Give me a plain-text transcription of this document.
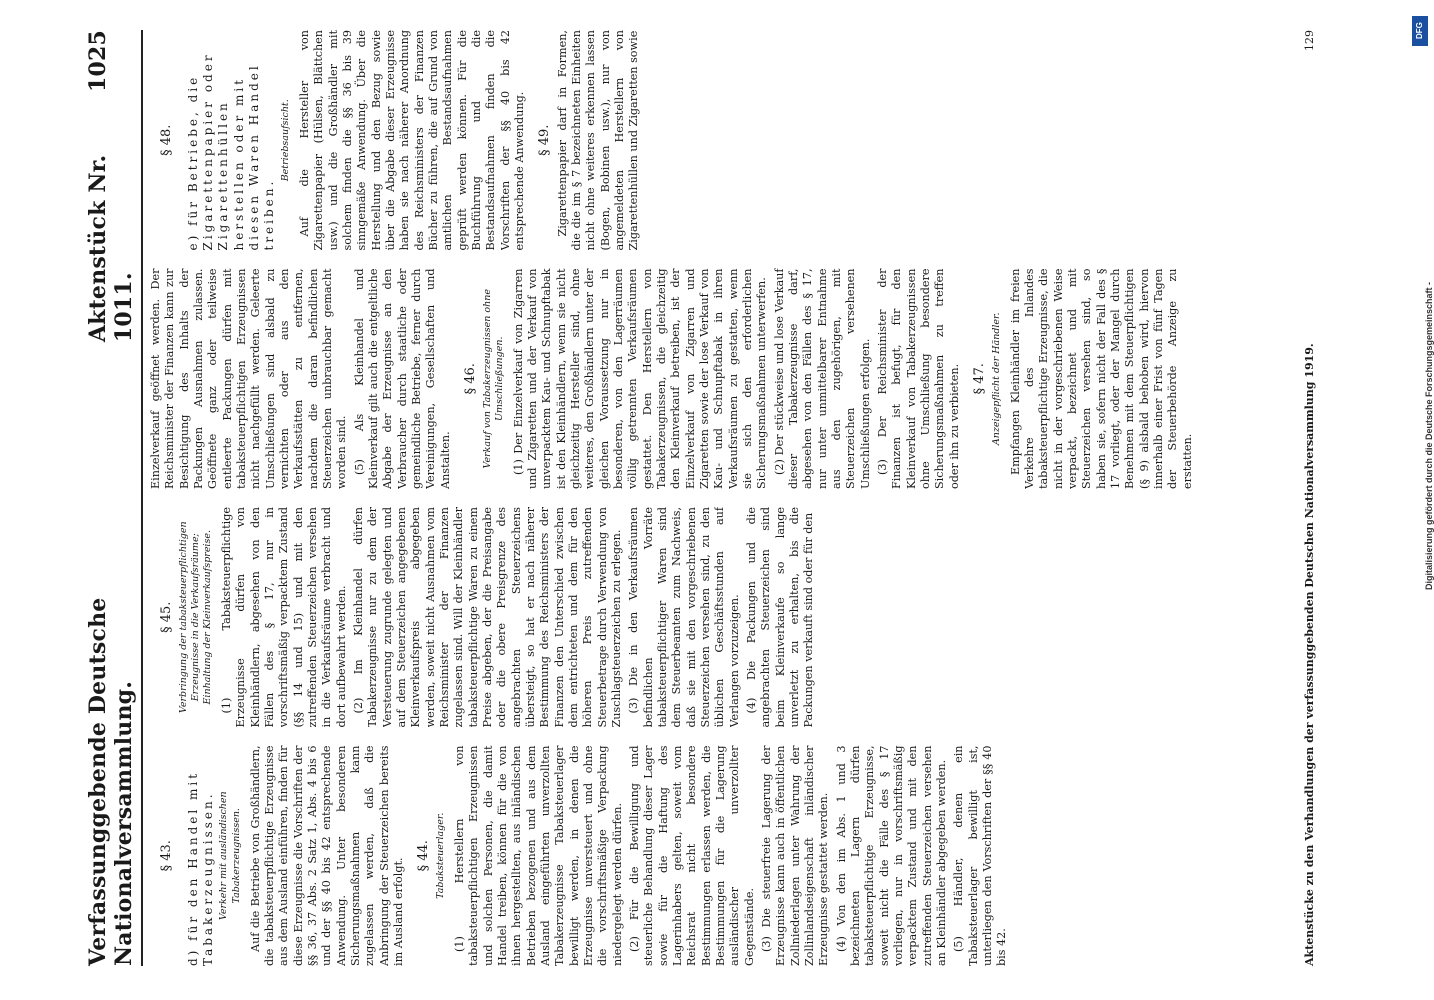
Verfassunggebende Deutsche Nationalversammlung.
Aktenstück Nr. 1011.
1025
§ 43. d) für den Handel mit Tabakerzeugnissen. Verkehr mit ausländischen Tabakerzeugnissen. Auf die Betriebe von Großhändlern, die tabaksteuerpflichtige Erzeugnisse aus dem Ausland einführen, finden für diese Erzeugnisse die Vorschriften der §§ 36, 37 Abs. 2 Satz 1, Abs. 4 bis 6 und der §§ 40 bis 42 entsprechende Anwendung. Unter besonderen Sicherungsmaßnahmen kann zugelassen werden, daß die Anbringung der Steuerzeichen bereits im Ausland erfolgt.

§ 44. Tabaksteuerlager. (1) Herstellern von tabaksteuerpflichtigen Erzeugnissen und solchen Personen, die damit Handel treiben, können für die von ihnen hergestellten, aus inländischen Betrieben bezogenen und aus dem Ausland eingeführten unverzollten Tabakerzeugnisse Tabaksteuerlager bewilligt werden, in denen die Erzeugnisse unversteuert und ohne die vorschriftsmäßige Verpackung niedergelegt werden dürfen. (2) Für die Bewilligung und steuerliche Behandlung dieser Lager sowie für die Haftung des Lagerinhabers gelten, soweit vom Reichsrat nicht besondere Bestimmungen erlassen werden, die Bestimmungen für die Lagerung ausländischer unverzollter Gegenstände. (3) Die steuerfreie Lagerung der Erzeugnisse kann auch in öffentlichen Zollniederlagen unter Wahrung der Zollinlandseigenschaft inländischer Erzeugnisse gestattet werden. (4) Von den im Abs. 1 und 3 bezeichneten Lagern dürfen tabaksteuerpflichtige Erzeugnisse, soweit nicht die Fälle des § 17 vorliegen, nur in vorschriftsmäßig verpacktem Zustand und mit den zutreffenden Steuerzeichen versehen an Kleinhändler abgegeben werden. (5) Händler, denen ein Tabaksteuerlager bewilligt ist, unterliegen den Vorschriften der §§ 40 bis 42.

§ 45. Verbringung der tabaksteuerpflichtigen Erzeugnisse in die Verkaufsräume; Einhaltung der Kleinverkaufspreise. (1) Tabaksteuerpflichtige Erzeugnisse dürfen von Kleinhändlern, abgesehen von den Fällen des § 17, nur in vorschriftsmäßig verpacktem Zustand (§§ 14 und 15) und mit den zutreffenden Steuerzeichen versehen in die Verkaufsräume verbracht und dort aufbewahrt werden. (2) Im Kleinhandel dürfen Tabakerzeugnisse nur zu dem der Versteuerung zugrunde gelegten und auf dem Steuerzeichen angegebenen Kleinverkaufspreis abgegeben werden, soweit nicht Ausnahmen vom Reichsminister der Finanzen zugelassen sind. Will der Kleinhändler tabaksteuerpflichtige Waren zu einem Preise abgeben, der die Preisangabe oder die obere Preisgrenze des angebrachten Steuerzeichens übersteigt, so hat er nach näherer Bestimmung des Reichsministers der Finanzen den Unterschied zwischen dem entrichteten und dem für den höheren Preis zutreffenden Steuerbetrage durch Verwendung von Zuschlagsteuerzeichen zu erlegen. (3) Die in den Verkaufsräumen befindlichen Vorräte tabaksteuerpflichtiger Waren sind dem Steuerbeamten zum Nachweis, daß sie mit den vorgeschriebenen Steuerzeichen versehen sind, zu den üblichen Geschäftsstunden auf Verlangen vorzuzeigen. (4) Die Packungen und die angebrachten Steuerzeichen sind beim Kleinverkaufe so lange unverletzt zu erhalten, bis die Packungen verkauft sind oder für den

Einzelverkauf geöffnet werden. Der Reichsminister der Finanzen kann zur Besichtigung des Inhalts der Packungen Ausnahmen zulassen. Geöffnete ganz oder teilweise entleerte Packungen dürfen mit tabaksteuerpflichtigen Erzeugnissen nicht nachgefüllt werden. Geleerte Umschließungen sind alsbald zu vernichten oder aus den Verkaufsstätten zu entfernen, nachdem die daran befindlichen Steuerzeichen unbrauchbar gemacht worden sind. (5) Als Kleinhandel und Kleinverkauf gilt auch die entgeltliche Abgabe der Erzeugnisse an den Verbraucher durch staatliche oder gemeindliche Betriebe, ferner durch Vereinigungen, Gesellschaften und Anstalten.

§ 46. Verkauf von Tabakerzeugnissen ohne Umschließungen. (1) Der Einzelverkauf von Zigarren und Zigaretten und der Verkauf von unverpacktem Kau- und Schnupftabak ist den Kleinhändlern, wenn sie nicht gleichzeitig Hersteller sind, ohne weiteres, den Großhändlern unter der gleichen Voraussetzung nur in besonderen, von den Lagerräumen völlig getrennten Verkaufsräumen gestattet. Den Herstellern von Tabakerzeugnissen, die gleichzeitig den Kleinverkauf betreiben, ist der Einzelverkauf von Zigarren und Zigaretten sowie der lose Verkauf von Kau- und Schnupftabak in ihren Verkaufsräumen zu gestatten, wenn sie sich den erforderlichen Sicherungsmaßnahmen unterwerfen. (2) Der stückweise und lose Verkauf dieser Tabakerzeugnisse darf, abgesehen von den Fällen des § 17, nur unter unmittelbarer Entnahme aus den zugehörigen, mit Steuerzeichen versehenen Umschließungen erfolgen. (3) Der Reichsminister der Finanzen ist befugt, für den Kleinverkauf von Tabakerzeugnissen ohne Umschließung besondere Sicherungsmaßnahmen zu treffen oder ihn zu verbieten. § 47. Anzeigepflicht der Händler. Empfangen Kleinhändler im freien Verkehre des Inlandes tabaksteuerpflichtige Erzeugnisse, die nicht in der vorgeschriebenen Weise verpackt, bezeichnet und mit Steuerzeichen versehen sind, so haben sie, sofern nicht der Fall des § 17 vorliegt, oder der Mangel durch Benehmen mit dem Steuerpflichtigen (§ 9) alsbald behoben wird, hiervon innerhalb einer Frist von fünf Tagen der Steuerbehörde Anzeige zu erstatten.

§ 48. e) für Betriebe, die Zigarettenpapier oder Zigarettenhüllen herstellen oder mit diesen Waren Handel treiben.
Betriebsaufsicht. Auf die Hersteller von Zigarettenpapier (Hülsen, Blättchen usw.) und die Großhändler mit solchem finden die §§ 36 bis 39 sinngemäße Anwendung. Über die Herstellung und den Bezug sowie über die Abgabe dieser Erzeugnisse haben sie nach näherer Anordnung des Reichsministers der Finanzen Bücher zu führen, die auf Grund von amtlichen Bestandsaufnahmen geprüft werden können. Für die Buchführung und die Bestandsaufnahmen finden die Vorschriften der §§ 40 bis 42 entsprechende Anwendung. § 49. Zigarettenpapier darf in Formen, die die im § 7 bezeichneten Einheiten nicht ohne weiteres erkennen lassen (Bogen, Bobinen usw.), nur von angemeldeten Herstellern von Zigarettenhüllen und Zigaretten sowie

Aktenstücke zu den Verhandlungen der verfassunggebenden Deutschen Nationalversammlung 1919.
129
Digitalisierung gefördert durch die Deutsche Forschungsgemeinschaft -
DFG
